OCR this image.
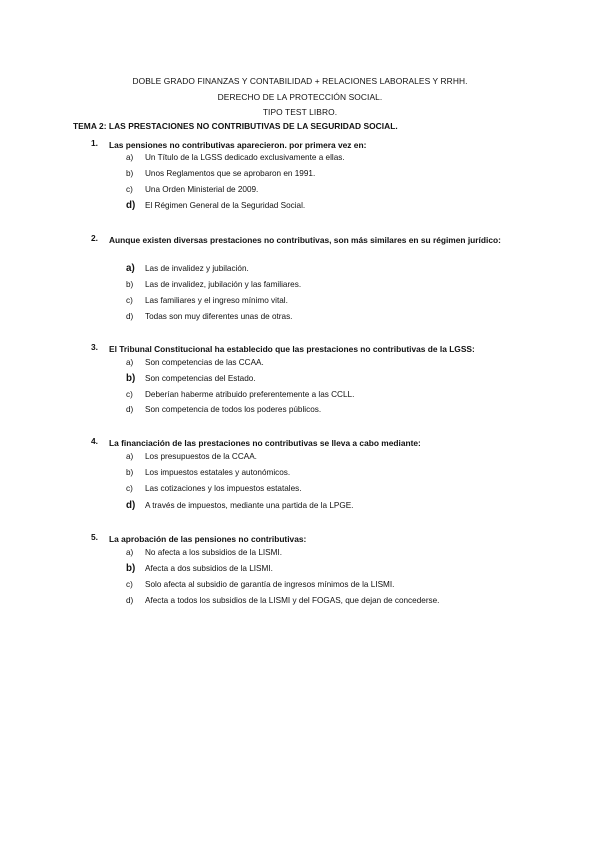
DOBLE GRADO FINANZAS Y CONTABILIDAD + RELACIONES LABORALES Y RRHH.
DERECHO DE LA PROTECCIÓN SOCIAL.
TIPO TEST LIBRO.
TEMA 2: LAS PRESTACIONES NO CONTRIBUTIVAS DE LA SEGURIDAD SOCIAL.
1. Las pensiones no contributivas aparecieron. por primera vez en:
a) Un Título de la LGSS dedicado exclusivamente a ellas.
b) Unos Reglamentos que se aprobaron en 1991.
c) Una Orden Ministerial de 2009.
d) El Régimen General de la Seguridad Social.
2. Aunque existen diversas prestaciones no contributivas, son más similares en su régimen jurídico:
a) Las de invalidez y jubilación.
b) Las de invalidez, jubilación y las familiares.
c) Las familiares y el ingreso mínimo vital.
d) Todas son muy diferentes unas de otras.
3. El Tribunal Constitucional ha establecido que las prestaciones no contributivas de la LGSS:
a) Son competencias de las CCAA.
b) Son competencias del Estado.
c) Deberían haberme atribuido preferentemente a las CCLL.
d) Son competencia de todos los poderes públicos.
4. La financiación de las prestaciones no contributivas se lleva a cabo mediante:
a) Los presupuestos de la CCAA.
b) Los impuestos estatales y autonómicos.
c) Las cotizaciones y los impuestos estatales.
d) A través de impuestos, mediante una partida de la LPGE.
5. La aprobación de las pensiones no contributivas:
a) No afecta a los subsidios de la LISMI.
b) Afecta a dos subsidios de la LISMI.
c) Solo afecta al subsidio de garantía de ingresos mínimos de la LISMI.
d) Afecta a todos los subsidios de la LISMI y del FOGAS, que dejan de concederse.
